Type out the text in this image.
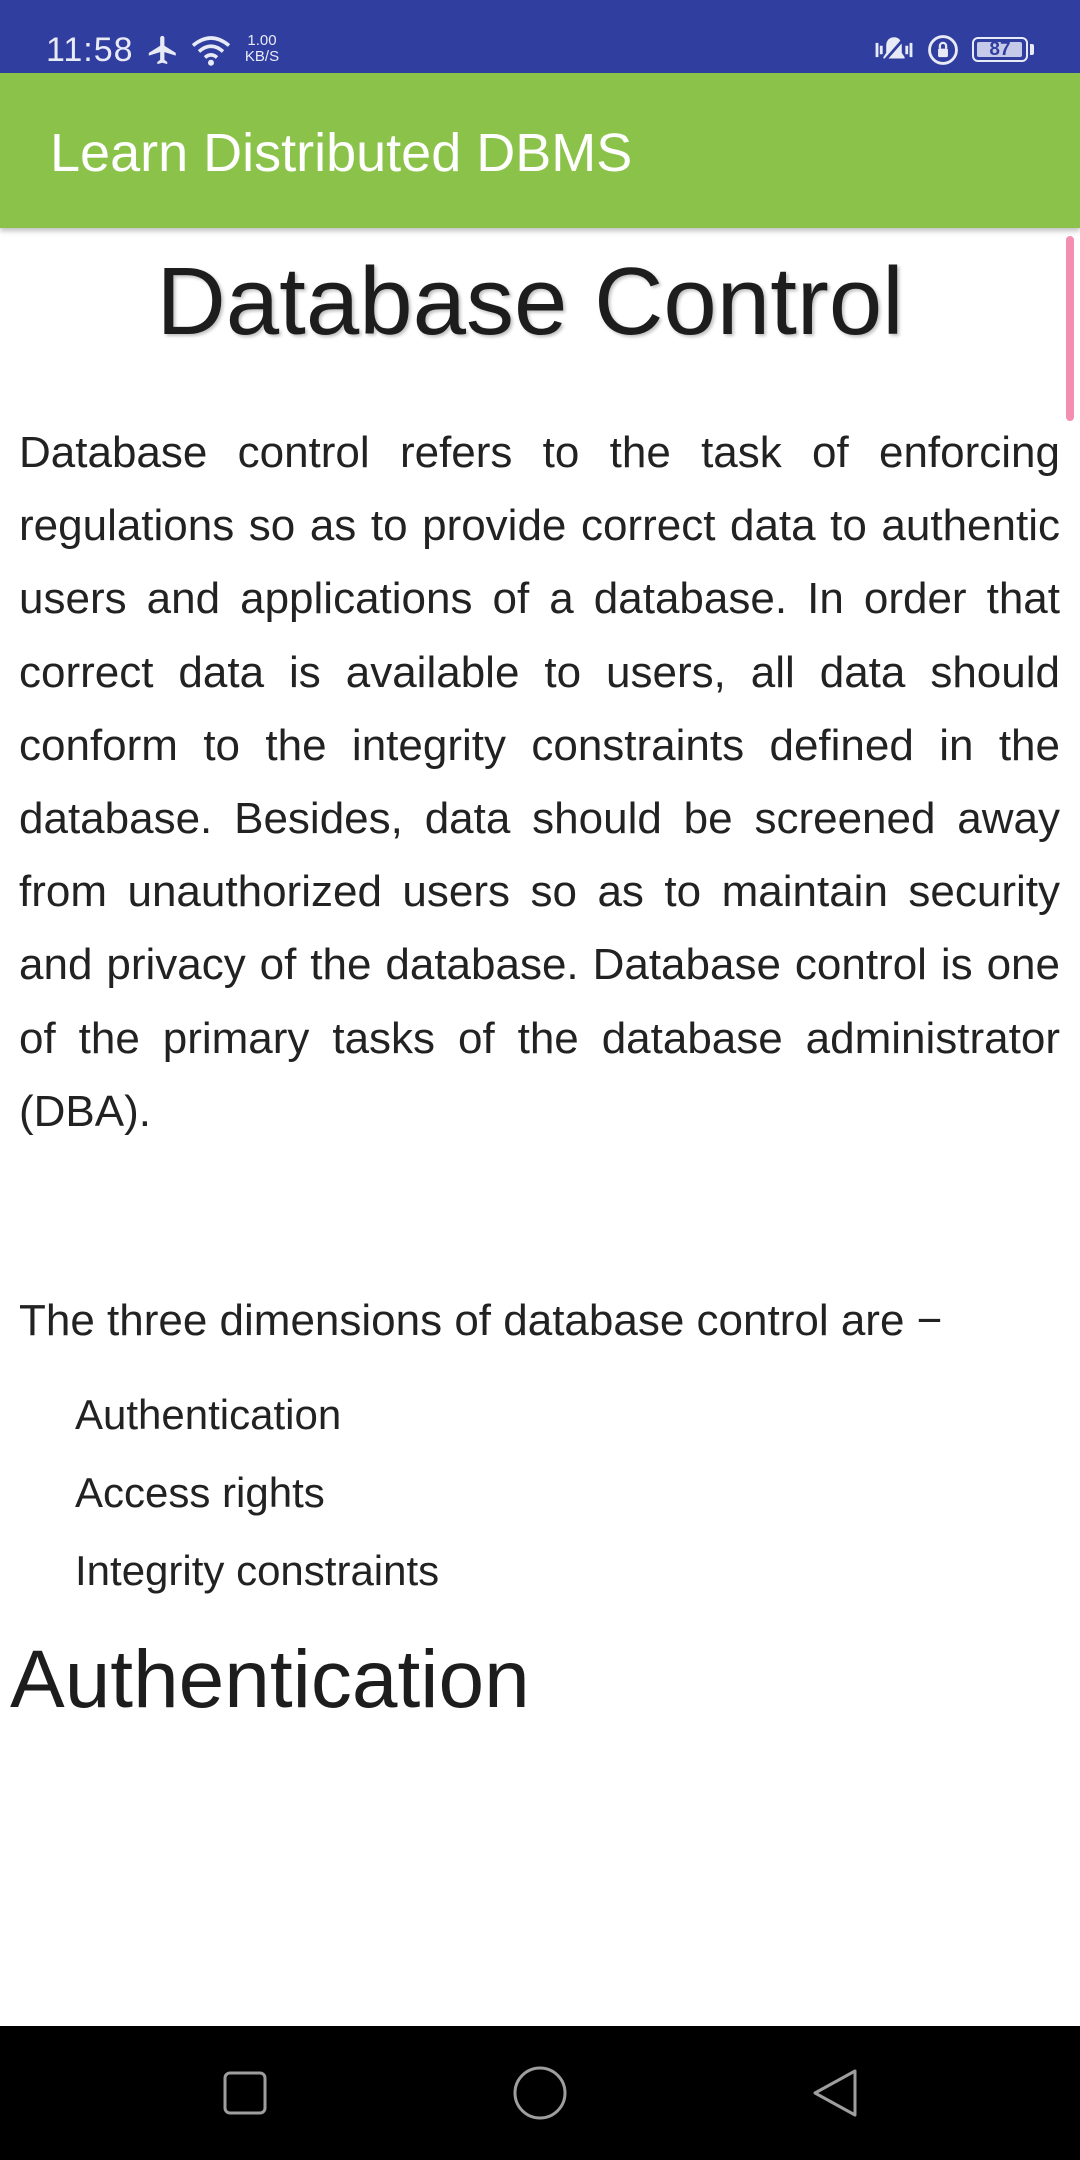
11:58	1.00
KB/S	87
Learn Distributed DBMS
Database Control

Database control refers to the task of enforcing regulations so as to provide correct data to authentic users and applications of a database. In order that correct data is available to users, all data should conform to the integrity constraints defined in the database. Besides, data should be screened away from unauthorized users so as to maintain security and privacy of the database. Database control is one of the primary tasks of the database administrator (DBA).

The three dimensions of database control are −

Authentication
Access rights
Integrity constraints
Authentication
